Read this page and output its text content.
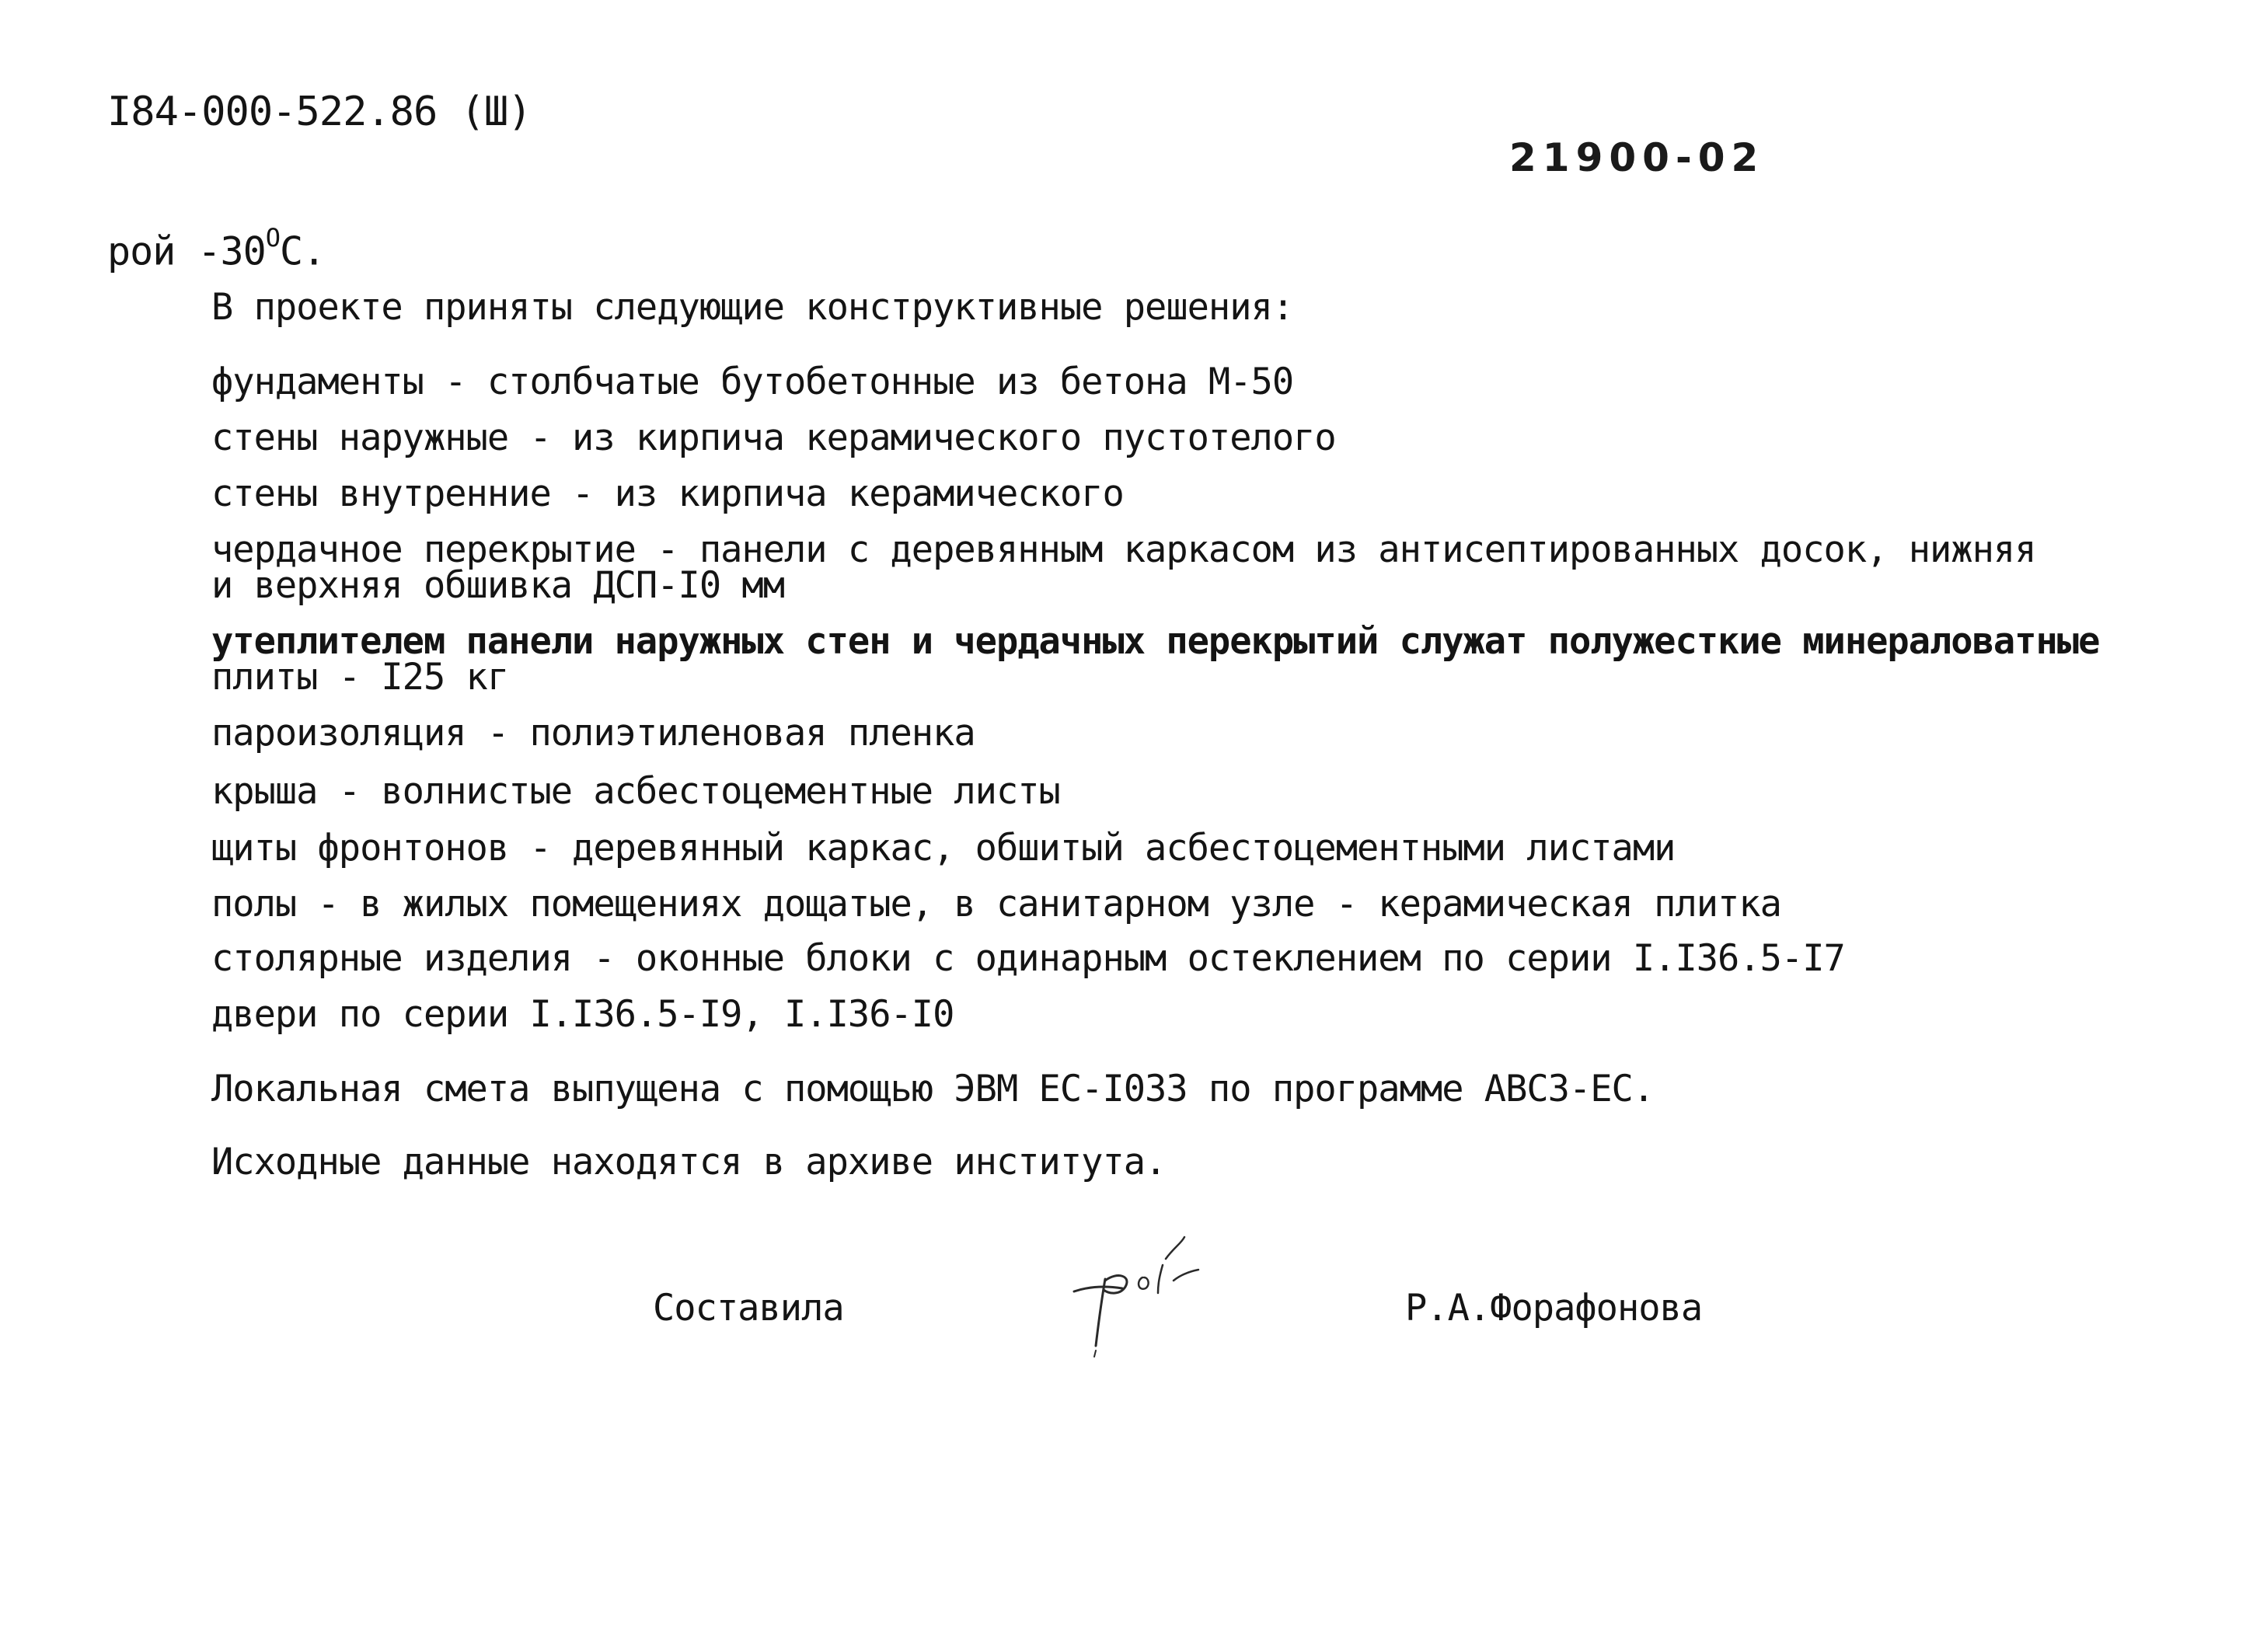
I84-000-522.86 (Ш)
21900-02
рой $-30^OC$.
В проекте приняты следующие конструктивные решения:
фундаменты - столбчатые бутобетонные из бетона М-50
стены наружные - из кирпича керамического пустотелого
стены внутренние - из кирпича керамического
чердачное перекрытие - панели с деревянным каркасом из антисептированных досок, нижняя
и верхняя обшивка ДСП-I0 мм
утеплителем панели наружных стен и чердачных перекрытий служат полужесткие минераловатные
плиты - I25 кг
пароизоляция - полиэтиленовая пленка
крыша - волнистые асбестоцементные листы
щиты фронтонов - деревянный каркас, обшитый асбестоцементными листами
полы - в жилых помещениях дощатые, в санитарном узле - керамическая плитка
столярные изделия - оконные блоки с одинарным остеклением по серии I.I36.5-I7
двери по серии I.I36.5-I9, I.I36-I0
Локальная смета выпущена с помощью ЭВМ ЕС-I033 по программе АВСЗ-ЕС.
Исходные данные находятся в архиве института.
Составила	Р.А.Форафонова
